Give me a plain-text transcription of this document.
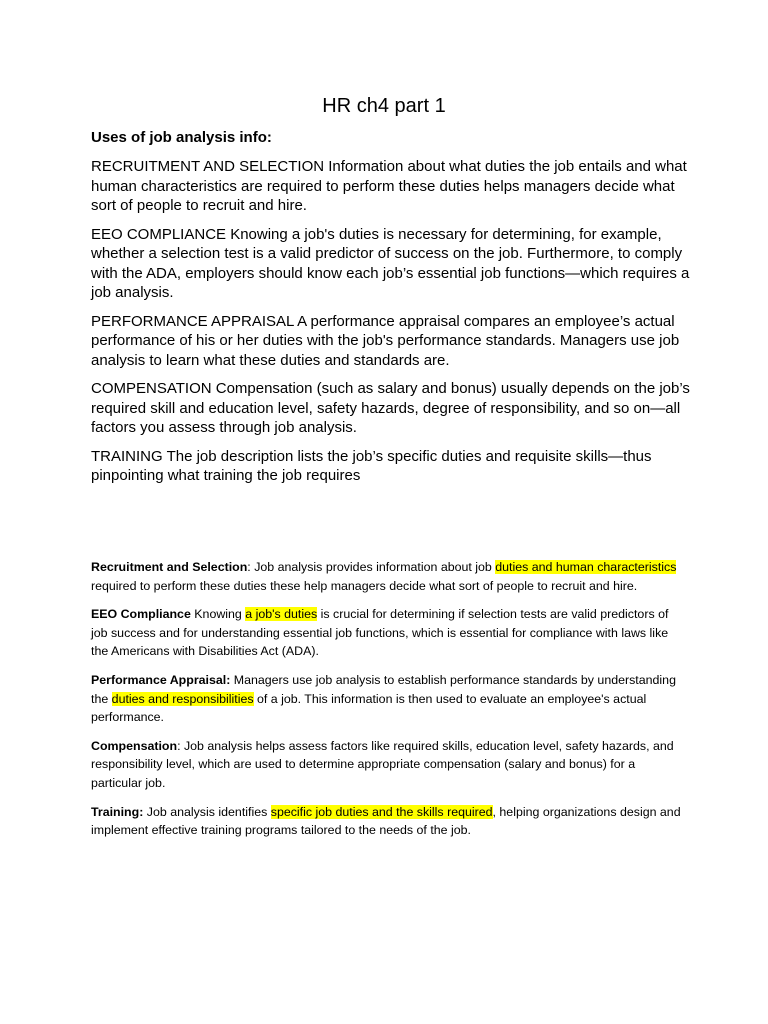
HR ch4 part 1
Uses of job analysis info:

RECRUITMENT AND SELECTION Information about what duties the job entails and what human characteristics are required to perform these duties helps managers decide what sort of people to recruit and hire.

EEO COMPLIANCE Knowing a job's duties is necessary for determining, for example, whether a selection test is a valid predictor of success on the job. Furthermore, to comply with the ADA, employers should know each job’s essential job functions—which requires a job analysis.

PERFORMANCE APPRAISAL A performance appraisal compares an employee’s actual performance of his or her duties with the job's performance standards. Managers use job analysis to learn what these duties and standards are.

COMPENSATION Compensation (such as salary and bonus) usually depends on the job’s required skill and education level, safety hazards, degree of responsibility, and so on—all factors you assess through job analysis.

TRAINING The job description lists the job’s specific duties and requisite skills—thus pinpointing what training the job requires

Recruitment and Selection: Job analysis provides information about job duties and human characteristics required to perform these duties these help managers decide what sort of people to recruit and hire.

EEO Compliance Knowing a job's duties is crucial for determining if selection tests are valid predictors of job success and for understanding essential job functions, which is essential for compliance with laws like the Americans with Disabilities Act (ADA).

Performance Appraisal: Managers use job analysis to establish performance standards by understanding the duties and responsibilities of a job. This information is then used to evaluate an employee's actual performance.

Compensation: Job analysis helps assess factors like required skills, education level, safety hazards, and responsibility level, which are used to determine appropriate compensation (salary and bonus) for a particular job.

Training: Job analysis identifies specific job duties and the skills required, helping organizations design and implement effective training programs tailored to the needs of the job.
